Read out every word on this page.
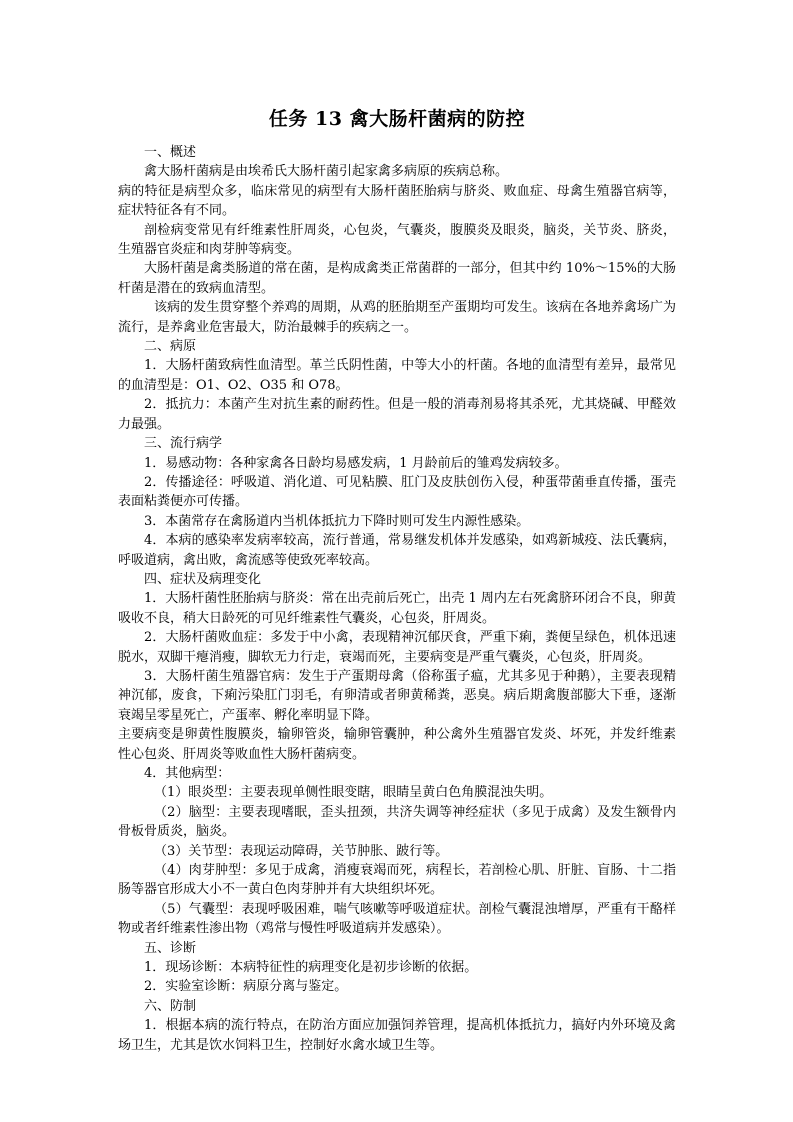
任务 13 禽大肠杆菌病的防控

一、概述

禽大肠杆菌病是由埃希氏大肠杆菌引起家禽多病原的疾病总称。

病的特征是病型众多，临床常见的病型有大肠杆菌胚胎病与脐炎、败血症、母禽生殖器官病等，症状特征各有不同。

剖检病变常见有纤维素性肝周炎，心包炎，气囊炎，腹膜炎及眼炎，脑炎，关节炎、脐炎，生殖器官炎症和肉芽肿等病变。

大肠杆菌是禽类肠道的常在菌，是构成禽类正常菌群的一部分，但其中约 10%～15%的大肠杆菌是潜在的致病血清型。

该病的发生贯穿整个养鸡的周期，从鸡的胚胎期至产蛋期均可发生。该病在各地养禽场广为流行，是养禽业危害最大，防治最棘手的疾病之一。

二、病原

1．大肠杆菌致病性血清型。革兰氏阴性菌，中等大小的杆菌。各地的血清型有差异，最常见的血清型是：O1、O2、O35 和 O78。

2．抵抗力：本菌产生对抗生素的耐药性。但是一般的消毒剂易将其杀死，尤其烧碱、甲醛效力最强。

三、流行病学

1．易感动物：各种家禽各日龄均易感发病，1 月龄前后的雏鸡发病较多。

2．传播途径：呼吸道、消化道、可见粘膜、肛门及皮肤创伤入侵，种蛋带菌垂直传播，蛋壳表面粘粪便亦可传播。

3．本菌常存在禽肠道内当机体抵抗力下降时则可发生内源性感染。

4．本病的感染率发病率较高，流行普通，常易继发机体并发感染，如鸡新城疫、法氏囊病，呼吸道病，禽出败，禽流感等使致死率较高。

四、症状及病理变化

1．大肠杆菌性胚胎病与脐炎：常在出壳前后死亡，出壳 1 周内左右死禽脐环闭合不良，卵黄吸收不良，稍大日龄死的可见纤维素性气囊炎，心包炎，肝周炎。

2．大肠杆菌败血症：多发于中小禽，表现精神沉郁厌食，严重下痢，粪便呈绿色，机体迅速脱水，双脚干瘪消瘦，脚软无力行走，衰竭而死，主要病变是严重气囊炎，心包炎，肝周炎。

3．大肠杆菌生殖器官病：发生于产蛋期母禽（俗称蛋子瘟，尤其多见于种鹅），主要表现精神沉郁，废食，下痢污染肛门羽毛，有卵清或者卵黄稀粪，恶臭。病后期禽腹部膨大下垂，逐渐衰竭呈零星死亡，产蛋率、孵化率明显下降。

主要病变是卵黄性腹膜炎，输卵管炎，输卵管囊肿，种公禽外生殖器官发炎、坏死，并发纤维素性心包炎、肝周炎等败血性大肠杆菌病变。

4．其他病型：

（1）眼炎型：主要表现单侧性眼变瞎，眼睛呈黄白色角膜混浊失明。

（2）脑型：主要表现嗜眠，歪头扭颈，共济失调等神经症状（多见于成禽）及发生额骨内骨板骨质炎，脑炎。

（3）关节型：表现运动障碍，关节肿胀、跛行等。

（4）肉芽肿型：多见于成禽，消瘦衰竭而死，病程长，若剖检心肌、肝脏、盲肠、十二指肠等器官形成大小不一黄白色肉芽肿并有大块组织坏死。

（5）气囊型：表现呼吸困难，喘气咳嗽等呼吸道症状。剖检气囊混浊增厚，严重有干酪样物或者纤维素性渗出物（鸡常与慢性呼吸道病并发感染）。

五、诊断

1．现场诊断：本病特征性的病理变化是初步诊断的依据。

2．实验室诊断：病原分离与鉴定。

六、防制

1．根据本病的流行特点，在防治方面应加强饲养管理，提高机体抵抗力，搞好内外环境及禽场卫生，尤其是饮水饲料卫生，控制好水禽水域卫生等。
